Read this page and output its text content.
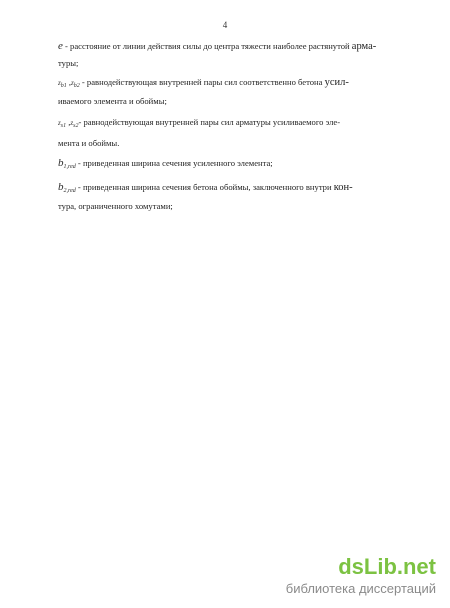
4
e - расстояние от линии действия силы до центра тяжести наиболее растянутой арма-
туры;
zb1 ,zb2 - равнодействующая внутренней пары сил соответственно бетона усил-
иваемого элемента и обоймы;
zs1 ,zs2- равнодействующая внутренней пары сил арматуры усиливаемого эле-
мента и обоймы.
$b_{1,red}$ - приведенная ширина сечения усиленного элемента;
$b_{2,red}$ - приведенная ширина сечения бетона обоймы, заключенного внутри кон-
тура, ограниченного хомутами;
dsLib.net
библиотека диссертаций
